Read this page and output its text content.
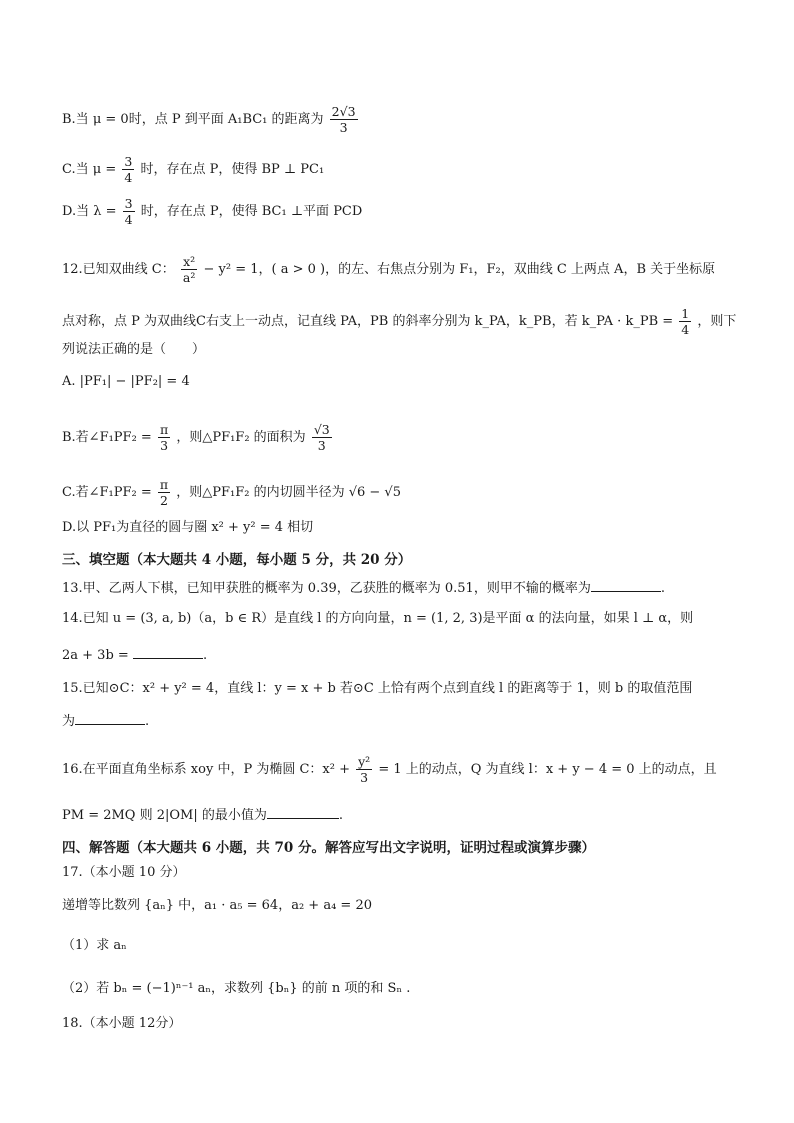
B.当 μ = 0时，点 P 到平面 A₁BC₁ 的距离为 $\frac{2√3}{3}$
C.当 $\mu = \frac{3}{4}$ 时，存在点 P，使得 BP ⊥ PC₁
D.当 $\lambda = \frac{3}{4}$ 时，存在点 P，使得 BC₁ ⊥平面 PCD
12.已知双曲线 C： $\frac{\text{x²}}{\text{a²}} - y^2 = 1$，( a > 0 )，的左、右焦点分别为 F₁，F₂，双曲线 C 上两点 A，B 关于坐标原
点对称，点 P 为双曲线C右支上一动点，记直线 PA，PB 的斜率分别为 k_PA，k_PB，若 k_PA · k_PB = $\frac{1}{4}$ ，则下
列说法正确的是（　　）
A. |PF₁| − |PF₂| = 4
B.若∠F₁PF₂ = $\frac{\pi}{3}$ ，则△PF₁F₂ 的面积为 $\frac{√3}{3}$
C.若∠F₁PF₂ = $\frac{\pi}{2}$ ，则△PF₁F₂ 的内切圆半径为 √6 − √5
D.以 PF₁为直径的圆与圈 x² + y² = 4 相切
三、填空题（本大题共 4 小题，每小题 5 分，共 20 分）
13.甲、乙两人下棋，已知甲获胜的概率为 0.39，乙获胜的概率为 0.51，则甲不输的概率为	.
14.已知 u = (3, a, b)（a，b ∈ R）是直线 l 的方向向量，n = (1, 2, 3)是平面 α 的法向量，如果 l ⊥ α，则
2a + 3b =	.
15.已知⊙C：x² + y² = 4，直线 l：y = x + b 若⊙C 上恰有两个点到直线 l 的距离等于 1，则 b 的取值范围
为	.
16.在平面直角坐标系 xoy 中，P 为椭圆 C：$x^2 + \frac{\text{y²}}{3} = 1$ 上的动点，Q 为直线 l：x + y − 4 = 0 上的动点，且
PM = 2MQ 则 2|OM| 的最小值为	.
四、解答题（本大题共 6 小题，共 70 分。解答应写出文字说明，证明过程或演算步骤）
17.（本小题 10 分）
递增等比数列 {aₙ} 中，a₁ · a₅ = 64，a₂ + a₄ = 20
（1）求 aₙ
（2）若 bₙ = (−1)ⁿ⁻¹ aₙ，求数列 {bₙ} 的前 n 项的和 Sₙ .
18.（本小题 12分）
